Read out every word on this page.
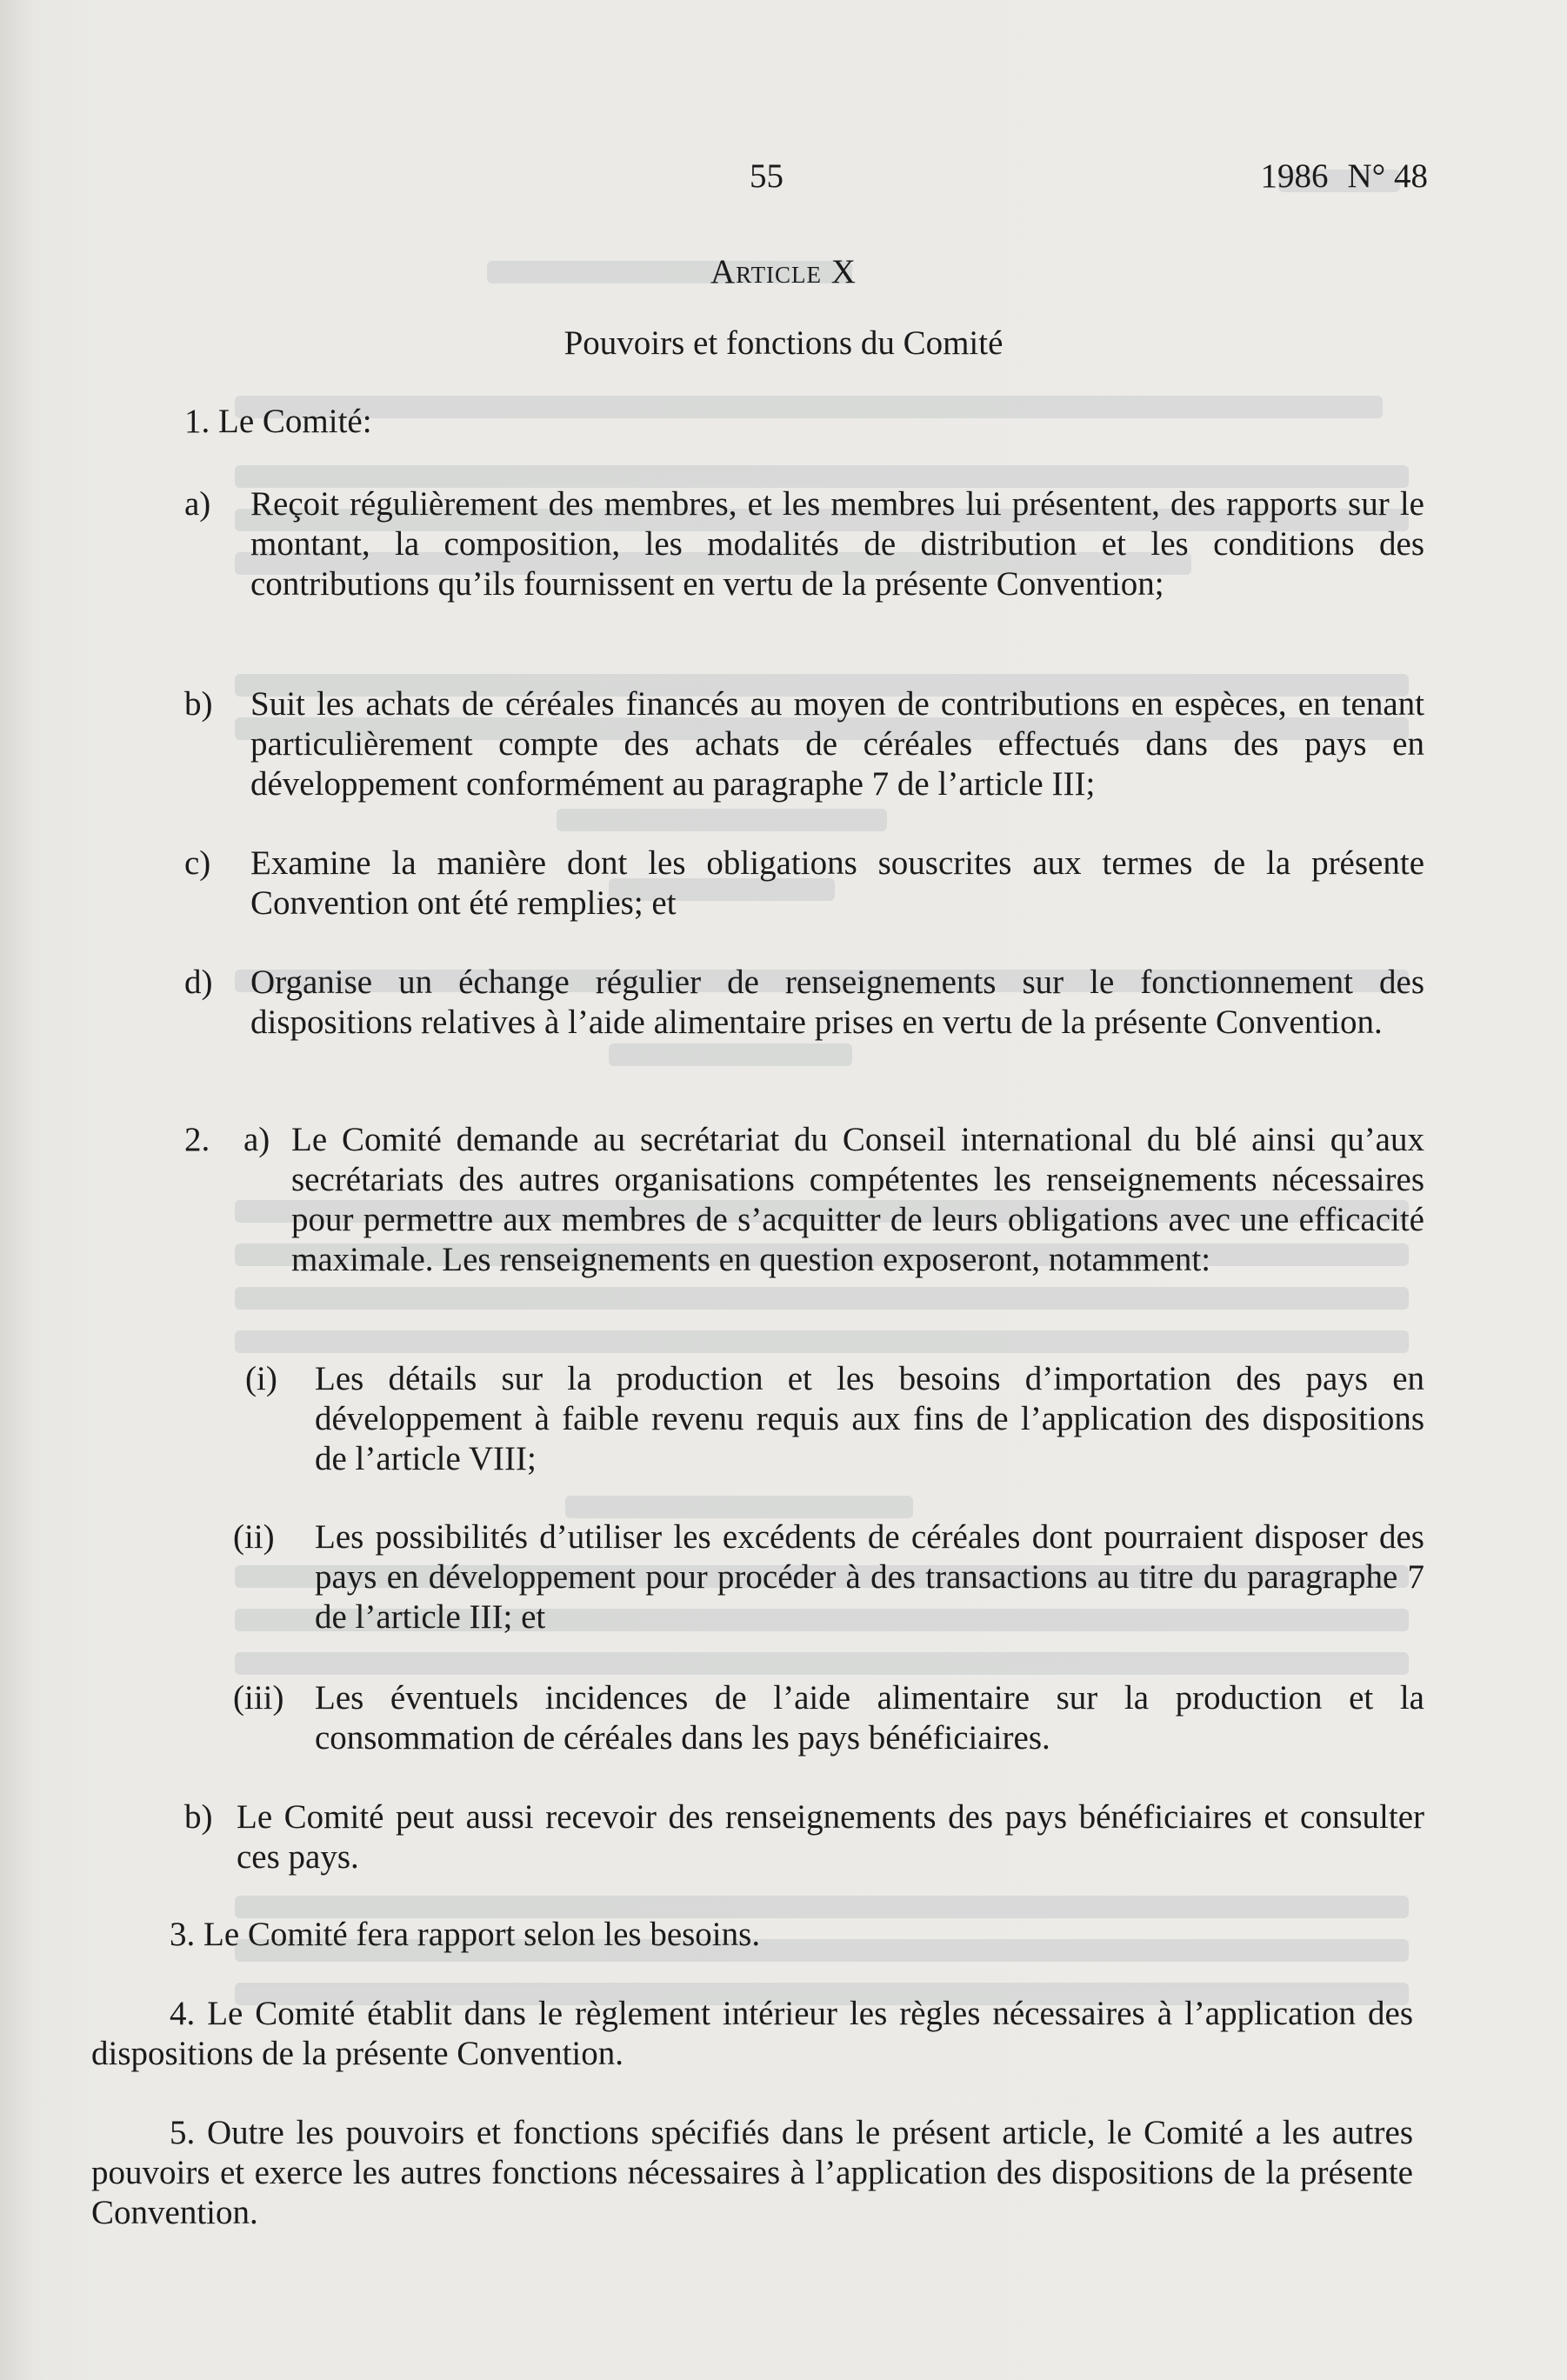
55	1986 N° 48
Article X
Pouvoirs et fonctions du Comité
1. Le Comité:
a) Reçoit régulièrement des membres, et les membres lui présentent, des rapports sur le montant, la composition, les modalités de distribution et les conditions des contributions qu’ils fournissent en vertu de la présente Convention;

b) Suit les achats de céréales financés au moyen de contributions en espèces, en tenant particulièrement compte des achats de céréales effectués dans des pays en développement conformément au paragraphe 7 de l’article III;

c) Examine la manière dont les obligations souscrites aux termes de la présente Convention ont été remplies; et

d) Organise un échange régulier de renseignements sur le fonctionnement des dispositions relatives à l’aide alimentaire prises en vertu de la présente Convention.

2. a) Le Comité demande au secrétariat du Conseil international du blé ainsi qu’aux secrétariats des autres organisations compétentes les renseignements nécessaires pour permettre aux membres de s’acquitter de leurs obligations avec une efficacité maximale. Les renseignements en question exposeront, notamment:

(i) Les détails sur la production et les besoins d’importation des pays en développement à faible revenu requis aux fins de l’application des dispositions de l’article VIII;

(ii) Les possibilités d’utiliser les excédents de céréales dont pourraient disposer des pays en développement pour procéder à des transactions au titre du paragraphe 7 de l’article III; et

(iii) Les éventuels incidences de l’aide alimentaire sur la production et la consommation de céréales dans les pays bénéficiaires.

b) Le Comité peut aussi recevoir des renseignements des pays bénéficiaires et consulter ces pays.

3. Le Comité fera rapport selon les besoins.

4. Le Comité établit dans le règlement intérieur les règles nécessaires à l’application des dispositions de la présente Convention.

5. Outre les pouvoirs et fonctions spécifiés dans le présent article, le Comité a les autres pouvoirs et exerce les autres fonctions nécessaires à l’application des dispositions de la présente Convention.
